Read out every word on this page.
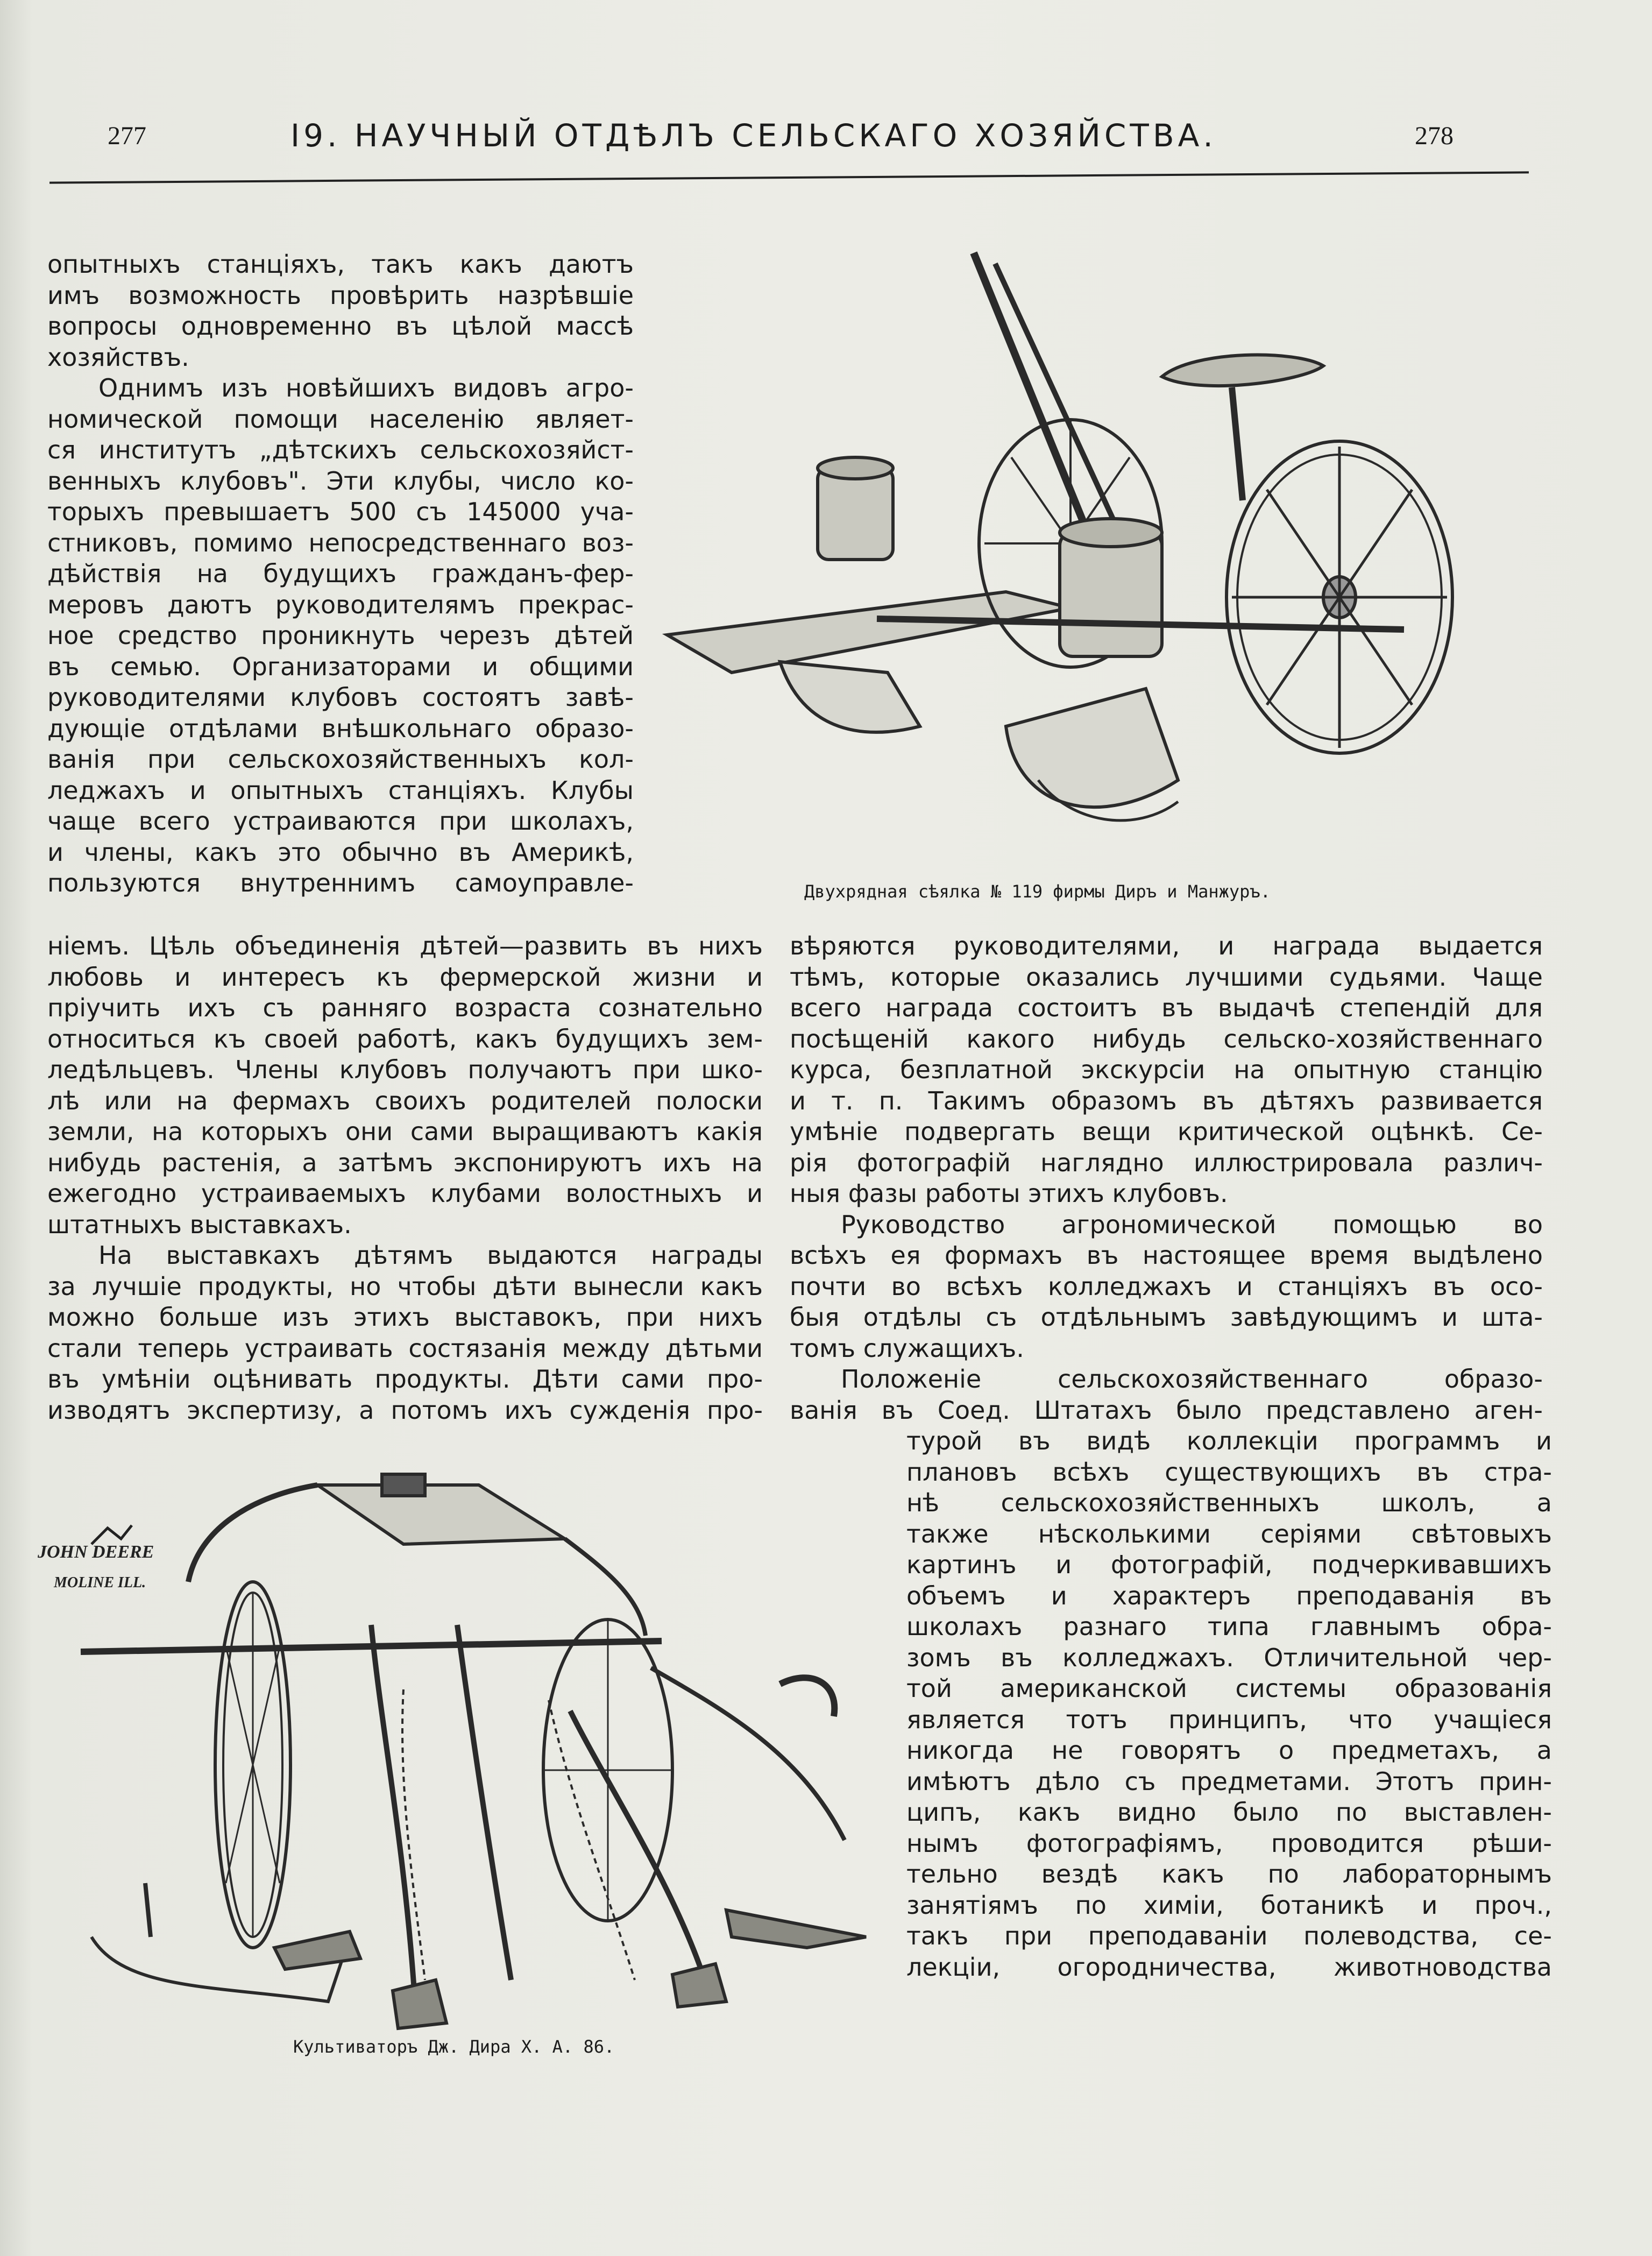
277	I9. НАУЧНЫЙ ОТДѢЛЪ СЕЛЬСКАГО ХОЗЯЙСТВА.	278
опытныхъ станціяхъ, такъ какъ даютъ
имъ возможность провѣрить назрѣвшіе
вопросы одновременно въ цѣлой массѣ
хозяйствъ.
Однимъ изъ новѣйшихъ видовъ агро-
номической помощи населенію являет-
ся институтъ „дѣтскихъ сельскохозяйст-
венныхъ клубовъ". Эти клубы, число ко-
торыхъ превышаетъ 500 съ 145000 уча-
стниковъ, помимо непосредственнаго воз-
дѣйствія на будущихъ гражданъ-фер-
меровъ даютъ руководителямъ прекрас-
ное средство проникнуть черезъ дѣтей
въ семью. Организаторами и общими
руководителями клубовъ состоятъ завѣ-
дующіе отдѣлами внѣшкольнаго образо-
ванія при сельскохозяйственныхъ кол-
леджахъ и опытныхъ станціяхъ. Клубы
чаще всего устраиваются при школахъ,
и члены, какъ это обычно въ Америкѣ,
пользуются внутреннимъ самоуправле-
ніемъ. Цѣль объединенія дѣтей—развить въ нихъ
любовь и интересъ къ фермерской жизни и
пріучить ихъ съ ранняго возраста сознательно
относиться къ своей работѣ, какъ будущихъ зем-
ледѣльцевъ. Члены клубовъ получаютъ при шко-
лѣ или на фермахъ своихъ родителей полоски
земли, на которыхъ они сами выращиваютъ какія
нибудь растенія, а затѣмъ экспонируютъ ихъ на
ежегодно устраиваемыхъ клубами волостныхъ и
штатныхъ выставкахъ.
На выставкахъ дѣтямъ выдаются награды
за лучшіе продукты, но чтобы дѣти вынесли какъ
можно больше изъ этихъ выставокъ, при нихъ
стали теперь устраивать состязанія между дѣтьми
въ умѣніи оцѣнивать продукты. Дѣти сами про-
изводятъ экспертизу, а потомъ ихъ сужденія про-
вѣряются руководителями, и награда выдается
тѣмъ, которые оказались лучшими судьями. Чаще
всего награда состоитъ въ выдачѣ степендій для
посѣщеній какого нибудь сельско-хозяйственнаго
курса, безплатной экскурсіи на опытную станцію
и т. п. Такимъ образомъ въ дѣтяхъ развивается
умѣніе подвергать вещи критической оцѣнкѣ. Се-
рія фотографій наглядно иллюстрировала различ-
ныя фазы работы этихъ клубовъ.
Руководство агрономической помощью во
всѣхъ ея формахъ въ настоящее время выдѣлено
почти во всѣхъ колледжахъ и станціяхъ въ осо-
быя отдѣлы съ отдѣльнымъ завѣдующимъ и шта-
томъ служащихъ.
Положеніе сельскохозяйственнаго образо-
ванія въ Соед. Штатахъ было представлено аген-
турой въ видѣ коллекціи программъ и
плановъ всѣхъ существующихъ въ стра-
нѣ сельскохозяйственныхъ школъ, а
также нѣсколькими серіями свѣтовыхъ
картинъ и фотографій, подчеркивавшихъ
объемъ и характеръ преподаванія въ
школахъ разнаго типа главнымъ обра-
зомъ въ колледжахъ. Отличительной чер-
той американской системы образованія
является тотъ принципъ, что учащіеся
никогда не говорятъ о предметахъ, а
имѣютъ дѣло съ предметами. Этотъ прин-
ципъ, какъ видно было по выставлен-
нымъ фотографіямъ, проводится рѣши-
тельно вездѣ какъ по лабораторнымъ
занятіямъ по химіи, ботаникѣ и проч.,
такъ при преподаваніи полеводства, се-
лекціи, огородничества, животноводства
Двухрядная сѣялка № 119 фирмы Диръ и Манжуръ.
JOHN DEERE
MOLINE ILL.
Культиваторъ Дж. Дира Х. А. 86.
